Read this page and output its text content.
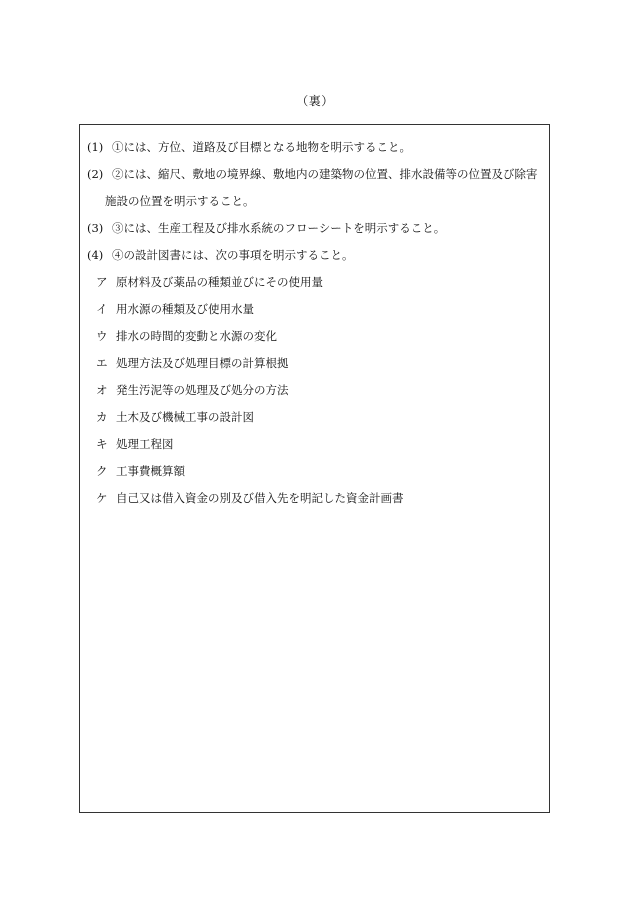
（裏）
(1) ①には、方位、道路及び目標となる地物を明示すること。
(2) ②には、縮尺、敷地の境界線、敷地内の建築物の位置、排水設備等の位置及び除害
施設の位置を明示すること。
(3) ③には、生産工程及び排水系統のフローシートを明示すること。
(4) ④の設計図書には、次の事項を明示すること。
ア 原材料及び薬品の種類並びにその使用量
イ 用水源の種類及び使用水量
ウ 排水の時間的変動と水源の変化
エ 処理方法及び処理目標の計算根拠
オ 発生汚泥等の処理及び処分の方法
カ 土木及び機械工事の設計図
キ 処理工程図
ク 工事費概算額
ケ 自己又は借入資金の別及び借入先を明記した資金計画書
